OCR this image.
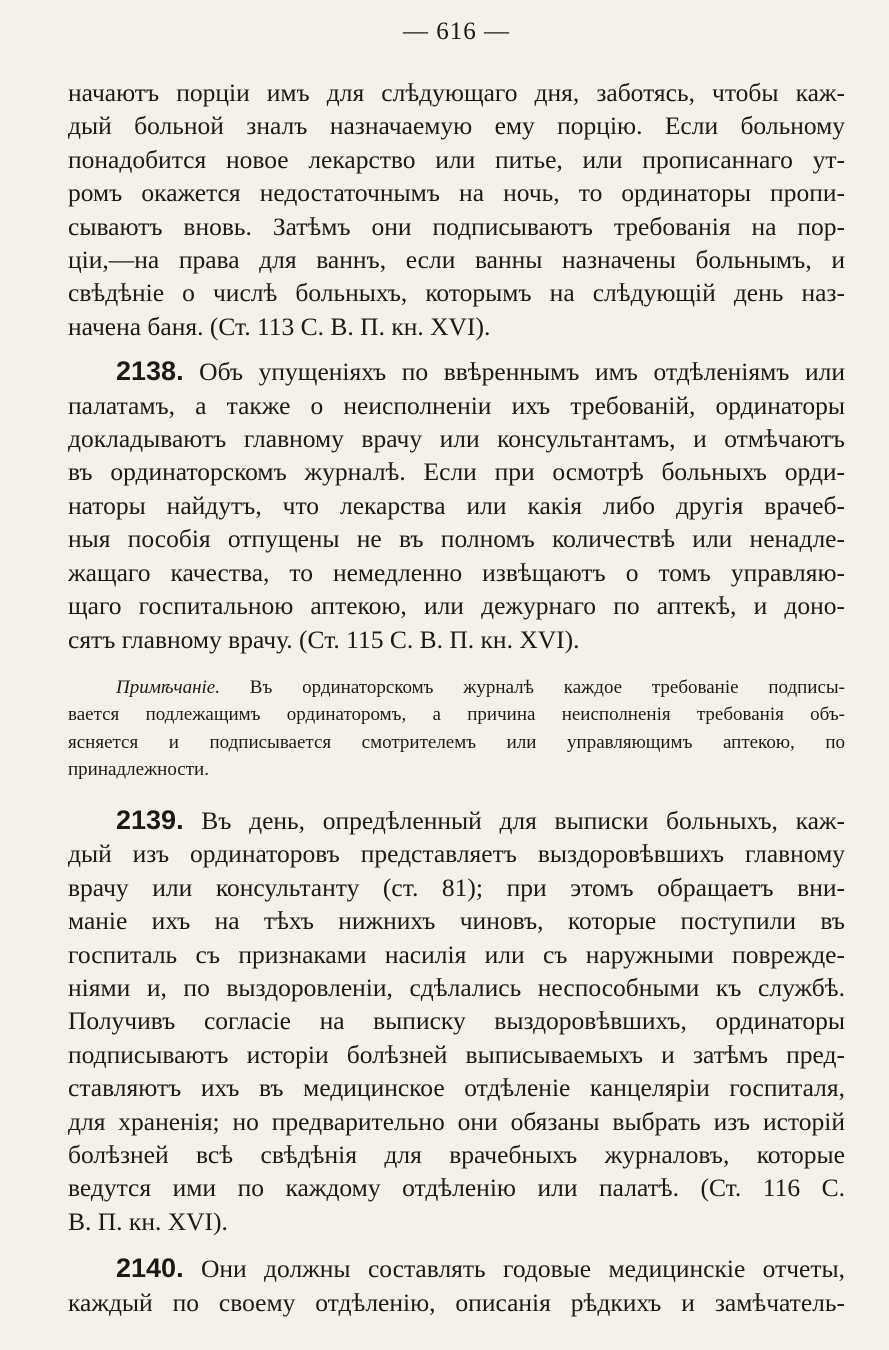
— 616 —
начаютъ порціи имъ для слѣдующаго дня, заботясь, чтобы каж-
дый больной зналъ назначаемую ему порцію. Если больному
понадобится новое лекарство или питье, или прописаннаго ут-
ромъ окажется недостаточнымъ на ночь, то ординаторы пропи-
сываютъ вновь. Затѣмъ они подписываютъ требованія на пор-
ціи,—на права для ваннъ, если ванны назначены больнымъ, и
свѣдѣніе о числѣ больныхъ, которымъ на слѣдующій день наз-
начена баня. (Ст. 113 С. В. П. кн. XVI).
2138. Объ упущеніяхъ по ввѣреннымъ имъ отдѣленіямъ или
палатамъ, а также о неисполненіи ихъ требованій, ординаторы
докладываютъ главному врачу или консультантамъ, и отмѣчаютъ
въ ординаторскомъ журналѣ. Если при осмотрѣ больныхъ орди-
наторы найдутъ, что лекарства или какія либо другія врачеб-
ныя пособія отпущены не въ полномъ количествѣ или ненадле-
жащаго качества, то немедленно извѣщаютъ о томъ управляю-
щаго госпитальною аптекою, или дежурнаго по аптекѣ, и доно-
сятъ главному врачу. (Ст. 115 С. В. П. кн. XVI).
Примѣчаніе. Въ ординаторскомъ журналѣ каждое требованіе подписы-
вается подлежащимъ ординаторомъ, а причина неисполненія требованія объ-
ясняется и подписывается смотрителемъ или управляющимъ аптекою, по
принадлежности.
2139. Въ день, опредѣленный для выписки больныхъ, каж-
дый изъ ординаторовъ представляетъ выздоровѣвшихъ главному
врачу или консультанту (ст. 81); при этомъ обращаетъ вни-
маніе ихъ на тѣхъ нижнихъ чиновъ, которые поступили въ
госпиталь съ признаками насилія или съ наружными поврежде-
ніями и, по выздоровленіи, сдѣлались неспособными къ службѣ.
Получивъ согласіе на выписку выздоровѣвшихъ, ординаторы
подписываютъ исторіи болѣзней выписываемыхъ и затѣмъ пред-
ставляютъ ихъ въ медицинское отдѣленіе канцеляріи госпиталя,
для храненія; но предварительно они обязаны выбрать изъ исторій
болѣзней всѣ свѣдѣнія для врачебныхъ журналовъ, которые
ведутся ими по каждому отдѣленію или палатѣ. (Ст. 116 С.
В. П. кн. XVI).
2140. Они должны составлять годовые медицинскіе отчеты,
каждый по своему отдѣленію, описанія рѣдкихъ и замѣчатель-
